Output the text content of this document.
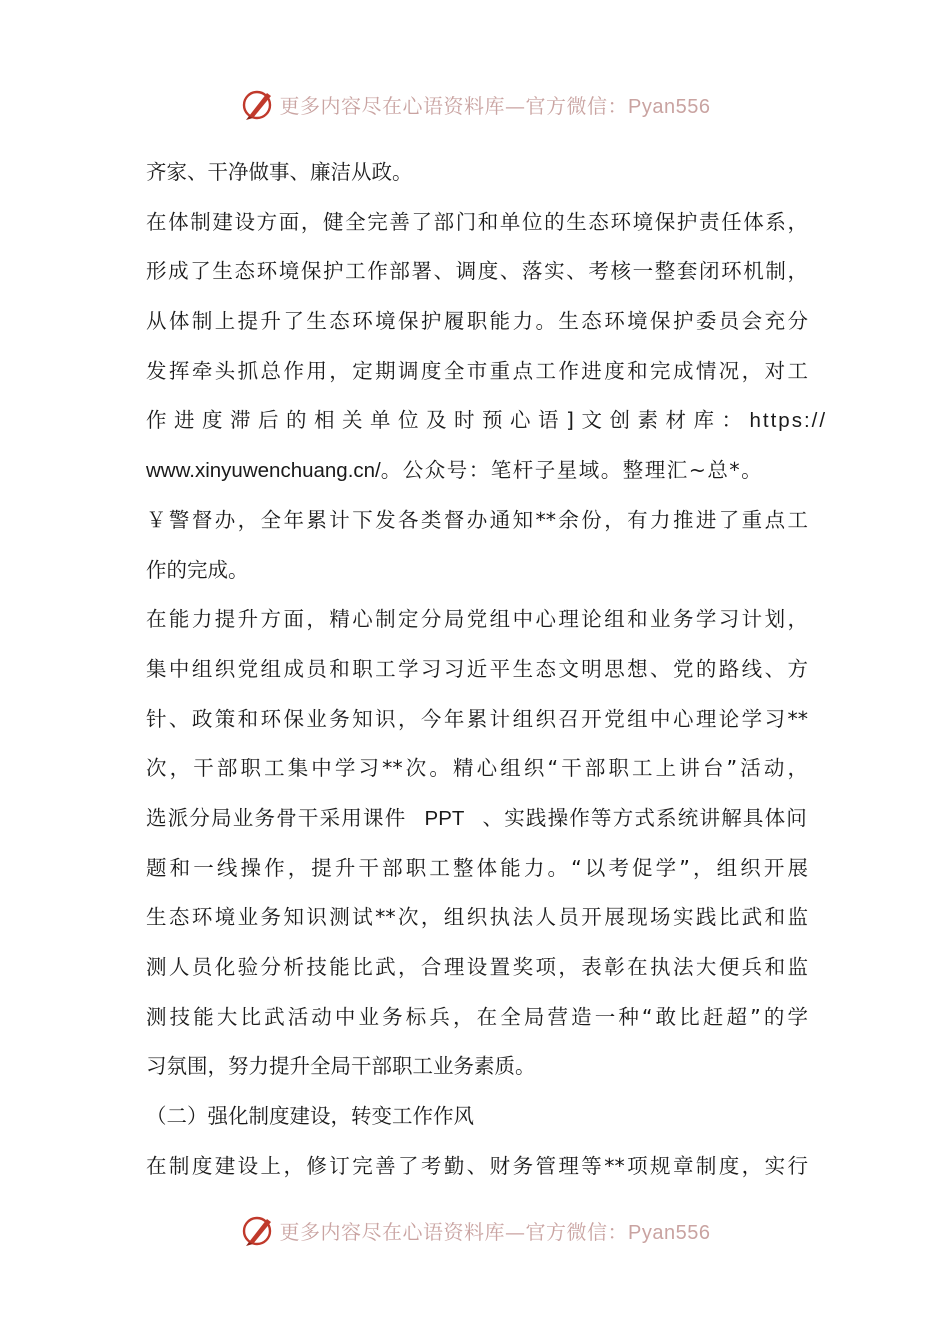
更多内容尽在心语资料库—官方微信：Pyan556
齐家、干净做事、廉洁从政。
在体制建设方面，健全完善了部门和单位的生态环境保护责任体系，
形成了生态环境保护工作部署、调度、落实、考核一整套闭环机制，
从体制上提升了生态环境保护履职能力。生态环境保护委员会充分
发挥牵头抓总作用，定期调度全市重点工作进度和完成情况，对工
作进度滞后的相关单位及时预心语]文创素材库： https://
www.xinyuwenchuang.cn/。公众号：笔杆子星域。整理汇~总*。
￥警督办，全年累计下发各类督办通知**余份，有力推进了重点工
作的完成。
在能力提升方面，精心制定分局党组中心理论组和业务学习计划，
集中组织党组成员和职工学习习近平生态文明思想、党的路线、方
针、政策和环保业务知识，今年累计组织召开党组中心理论学习**
次，干部职工集中学习**次。精心组织“干部职工上讲台”活动，
选派分局业务骨干采用课件 PPT 、实践操作等方式系统讲解具体问
题和一线操作，提升干部职工整体能力。“以考促学”，组织开展
生态环境业务知识测试**次，组织执法人员开展现场实践比武和监
测人员化验分析技能比武，合理设置奖项，表彰在执法大便兵和监
测技能大比武活动中业务标兵，在全局营造一种“敢比赶超”的学
习氛围，努力提升全局干部职工业务素质。
（二）强化制度建设，转变工作作风
在制度建设上，修订完善了考勤、财务管理等**项规章制度，实行
更多内容尽在心语资料库—官方微信：Pyan556
